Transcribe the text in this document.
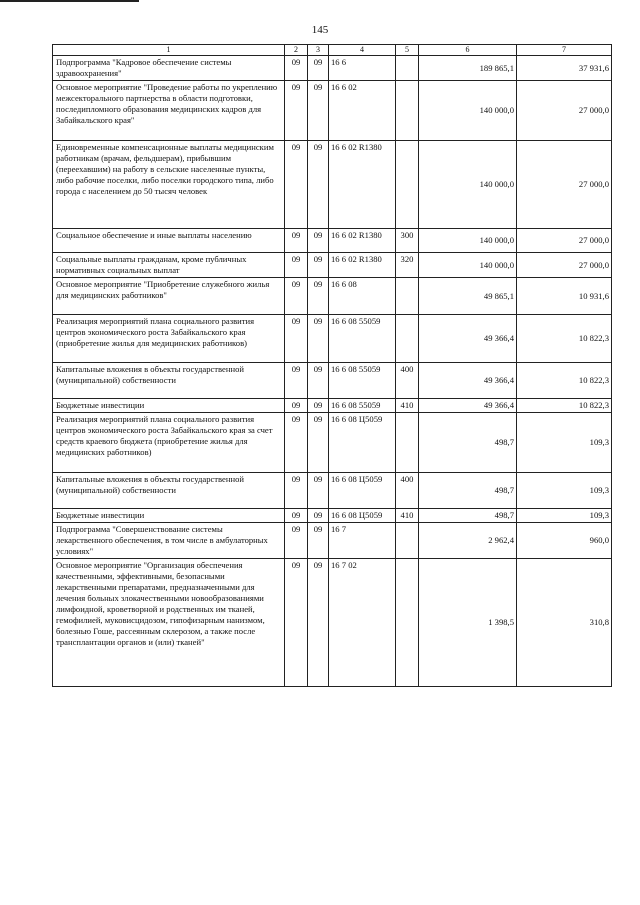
145
1	2	3	4	5	6	7
Подпрограмма "Кадровое обеспечение системы здравоохранения"	09	09	16 6		189 865,1	37 931,6
Основное мероприятие "Проведение работы по укреплению межсекторального партнерства в области подготовки, последипломного образования медицинских кадров для Забайкальского края"	09	09	16 6 02		140 000,0	27 000,0
Единовременные компенсационные выплаты медицинским работникам (врачам, фельдшерам), прибывшим (переехавшим) на работу в сельские населенные пункты, либо рабочие поселки, либо поселки городского типа, либо города с населением до 50 тысяч человек	09	09	16 6 02 R1380		140 000,0	27 000,0
Социальное обеспечение и иные выплаты населению	09	09	16 6 02 R1380	300	140 000,0	27 000,0
Социальные выплаты гражданам, кроме публичных нормативных социальных выплат	09	09	16 6 02 R1380	320	140 000,0	27 000,0
Основное мероприятие "Приобретение служебного жилья для медицинских работников"	09	09	16 6 08		49 865,1	10 931,6
Реализация мероприятий плана социального развития центров экономического роста Забайкальского края (приобретение жилья для медицинских работников)	09	09	16 6 08 55059		49 366,4	10 822,3
Капитальные вложения в объекты государственной (муниципальной) собственности	09	09	16 6 08 55059	400	49 366,4	10 822,3
Бюджетные инвестиции	09	09	16 6 08 55059	410	49 366,4	10 822,3
Реализация мероприятий плана социального развития центров экономического роста Забайкальского края за счет средств краевого бюджета (приобретение жилья для медицинских работников)	09	09	16 6 08 Ц5059		498,7	109,3
Капитальные вложения в объекты государственной (муниципальной) собственности	09	09	16 6 08 Ц5059	400	498,7	109,3
Бюджетные инвестиции	09	09	16 6 08 Ц5059	410	498,7	109,3
Подпрограмма "Совершенствование системы лекарственного обеспечения, в том числе в амбулаторных условиях"	09	09	16 7		2 962,4	960,0
Основное мероприятие "Организация обеспечения качественными, эффективными, безопасными лекарственными препаратами, предназначенными для лечения больных злокачественными новообразованиями лимфоидной, кроветворной и родственных им тканей, гемофилией, муковисцидозом, гипофизарным нанизмом, болезнью Гоше, рассеянным склерозом, а также после трансплантации органов и (или) тканей"	09	09	16 7 02		1 398,5	310,8
